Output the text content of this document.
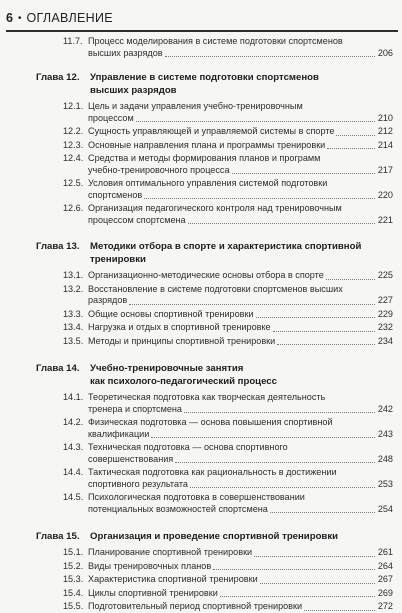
6 • ОГЛАВЛЕНИЕ
11.7. Процесс моделирования в системе подготовки спортсменов
высших разрядов	206
Глава 12.	Управление в системе подготовки спортсменов
высших разрядов
12.1. Цель и задачи управления учебно-тренировочным
процессом	210
12.2. Сущность управляющей и управляемой системы в спорте	212
12.3. Основные направления плана и программы тренировки	214
12.4. Средства и методы формирования планов и программ
учебно-тренировочного процесса	217
12.5. Условия оптимального управления системой подготовки
спортсменов	220
12.6. Организация педагогического контроля над тренировочным
процессом спортсмена	221
Глава 13.	Методики отбора в спорте и характеристика спортивной
тренировки
13.1. Организационно-методические основы отбора в спорте	225
13.2. Восстановление в системе подготовки спортсменов высших
разрядов	227
13.3. Общие основы спортивной тренировки	229
13.4. Нагрузка и отдых в спортивной тренировке	232
13.5. Методы и принципы спортивной тренировки	234
Глава 14.	Учебно-тренировочные занятия
как психолого-педагогический процесс
14.1. Теоретическая подготовка как творческая деятельность
тренера и спортсмена	242
14.2. Физическая подготовка — основа повышения спортивной
квалификации	243
14.3. Техническая подготовка — основа спортивного
совершенствования	248
14.4. Тактическая подготовка как рациональность в достижении
спортивного результата	253
14.5. Психологическая подготовка в совершенствовании
потенциальных возможностей спортсмена	254
Глава 15.	Организация и проведение спортивной тренировки
15.1. Планирование спортивной тренировки	261
15.2. Виды тренировочных планов	264
15.3. Характеристика спортивной тренировки	267
15.4. Циклы спортивной тренировки	269
15.5. Подготовительный период спортивной тренировки	272
